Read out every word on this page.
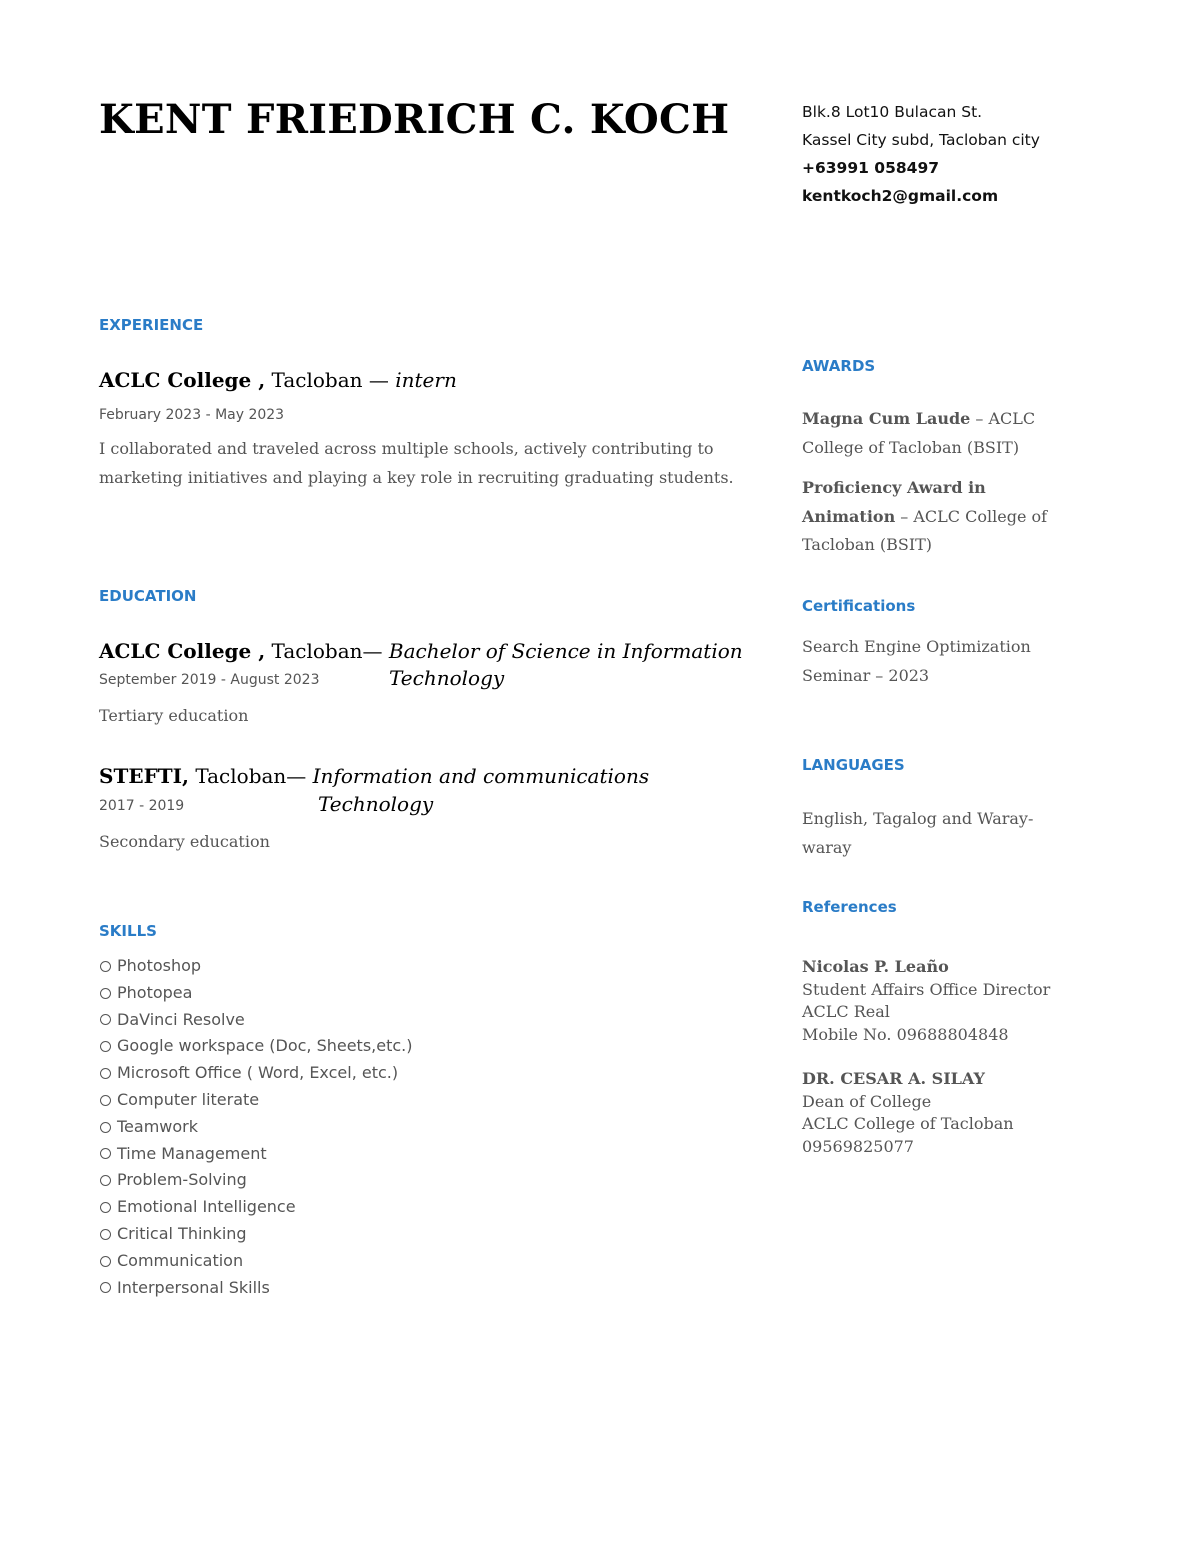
KENT FRIEDRICH C. KOCH	Blk.8 Lot10 Bulacan St.
Kassel City subd, Tacloban city
+63991 058497
kentkoch2@gmail.com
EXPERIENCE
ACLC College , Tacloban — intern
February 2023 - May 2023
I collaborated and traveled across multiple schools, actively contributing to marketing initiatives and playing a key role in recruiting graduating students.
EDUCATION
ACLC College , Tacloban— Bachelor of Science in Information
Technology
September 2019 - August 2023
Tertiary education
STEFTI, Tacloban— Information and communications
Technology
2017 - 2019
Secondary education
SKILLS
Photoshop
Photopea
DaVinci Resolve
Google workspace (Doc, Sheets,etc.)
Microsoft Office ( Word, Excel, etc.)
Computer literate
Teamwork
Time Management
Problem-Solving
Emotional Intelligence
Critical Thinking
Communication
Interpersonal Skills
AWARDS
Magna Cum Laude – ACLC College of Tacloban (BSIT)
Proficiency Award in Animation – ACLC College of Tacloban (BSIT)
Certifications
Search Engine Optimization Seminar – 2023
LANGUAGES
English, Tagalog and Waray-waray
References
Nicolas P. Leaño
Student Affairs Office Director
ACLC Real
Mobile No. 09688804848
DR. CESAR A. SILAY
Dean of College
ACLC College of Tacloban
09569825077
